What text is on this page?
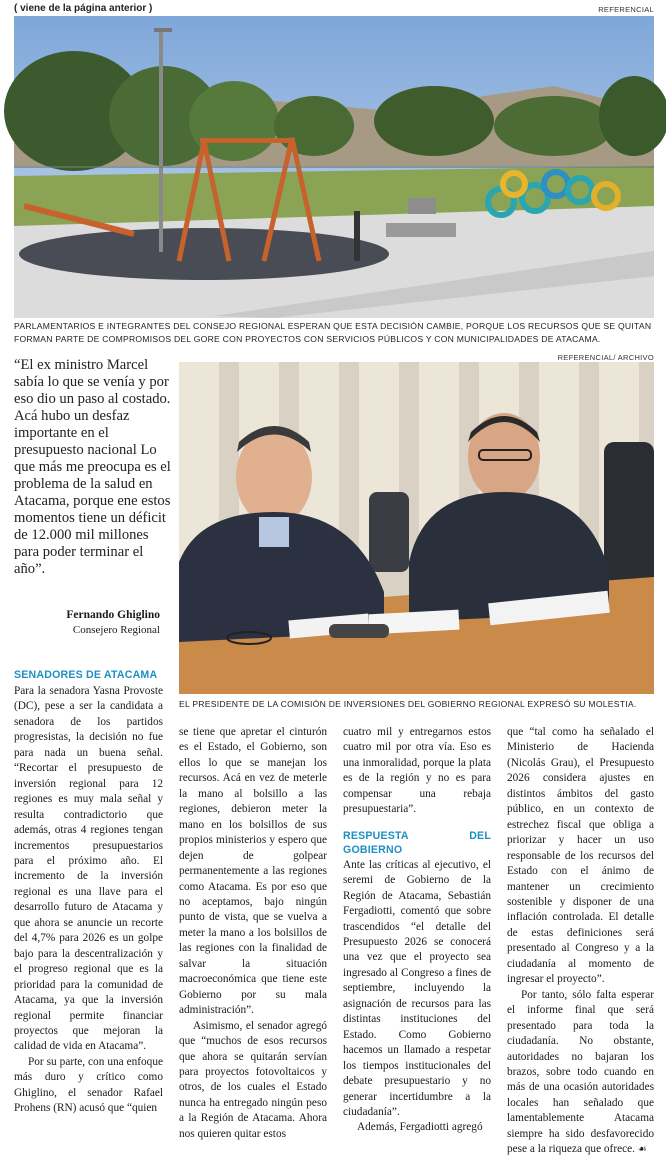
( viene de la página anterior )	REFERENCIAL
PARLAMENTARIOS E INTEGRANTES DEL CONSEJO REGIONAL ESPERAN QUE ESTA DECISIÓN CAMBIE, PORQUE LOS RECURSOS QUE SE QUITAN FORMAN PARTE DE COMPROMISOS DEL GORE CON PROYECTOS CON SERVICIOS PÚBLICOS Y CON MUNICIPALIDADES DE ATACAMA.
REFERENCIAL/ ARCHIVO

“El ex ministro Marcel sabía lo que se venía y por eso dio un paso al costado. Acá hubo un desfaz importante en el presupuesto nacional Lo que más me preocupa es el problema de la salud en Atacama, porque ene estos momentos tiene un déficit de 12.000 mil millones para poder terminar el año”.

Fernando Ghiglino
Consejero Regional
EL PRESIDENTE DE LA COMISIÓN DE INVERSIONES DEL GOBIERNO REGIONAL EXPRESÓ SU MOLESTIA.
SENADORES DE ATACAMA

Para la senadora Yasna Provoste (DC), pese a ser la candidata a senadora de los partidos progresistas, la decisión no fue para nada un buena señal. “Recortar el presupuesto de inversión regional para 12 regiones es muy mala señal y resulta contradictorio que además, otras 4 regiones tengan incrementos presupuestarios para el próximo año. El incremento de la inversión regional es una llave para el desarrollo futuro de Atacama y que ahora se anuncie un recorte del 4,7% para 2026 es un golpe bajo para la descentralización y el progreso regional que es la prioridad para la comunidad de Atacama, ya que la inversión regional permite financiar proyectos que mejoran la calidad de vida en Atacama”.

Por su parte, con una enfoque más duro y crítico como Ghiglino, el senador Rafael Prohens (RN) acusó que “quien

se tiene que apretar el cinturón es el Estado, el Gobierno, son ellos lo que se manejan los recursos. Acá en vez de meterle la mano al bolsillo a las regiones, debieron meter la mano en los bolsillos de sus propios ministerios y espero que dejen de golpear permanentemente a las regiones como Atacama. Es por eso que no aceptamos, bajo ningún punto de vista, que se vuelva a meter la mano a los bolsillos de las regiones con la finalidad de salvar la situación macroeconómica que tiene este Gobierno por su mala administración”.

Asimismo, el senador agregó que “muchos de esos recursos que ahora se quitarán servían para proyectos fotovoltaicos y otros, de los cuales el Estado nunca ha entregado ningún peso a la Región de Atacama. Ahora nos quieren quitar estos

cuatro mil y entregarnos estos cuatro mil por otra vía. Eso es una inmoralidad, porque la plata es de la región y no es para compensar una rebaja presupuestaria”.

RESPUESTA DEL GOBIERNO

Ante las críticas al ejecutivo, el seremi de Gobierno de la Región de Atacama, Sebastián Fergadiotti, comentó que sobre trascendidos “el detalle del Presupuesto 2026 se conocerá una vez que el proyecto sea ingresado al Congreso a fines de septiembre, incluyendo la asignación de recursos para las distintas instituciones del Estado. Como Gobierno hacemos un llamado a respetar los tiempos institucionales del debate presupuestario y no generar incertidumbre a la ciudadanía”.

Además, Fergadiotti agregó

que “tal como ha señalado el Ministerio de Hacienda (Nicolás Grau), el Presupuesto 2026 considera ajustes en distintos ámbitos del gasto público, en un contexto de estrechez fiscal que obliga a priorizar y hacer un uso responsable de los recursos del Estado con el ánimo de mantener un crecimiento sostenible y disponer de una inflación controlada. El detalle de estas definiciones será presentado al Congreso y a la ciudadanía al momento de ingresar el proyecto”.

Por tanto, sólo falta esperar el informe final que será presentado para toda la ciudadanía. No obstante, autoridades no bajaran los brazos, sobre todo cuando en más de una ocasión autoridades locales han señalado que lamentablemente Atacama siempre ha sido desfavorecido pese a la riqueza que ofrece. ☙
